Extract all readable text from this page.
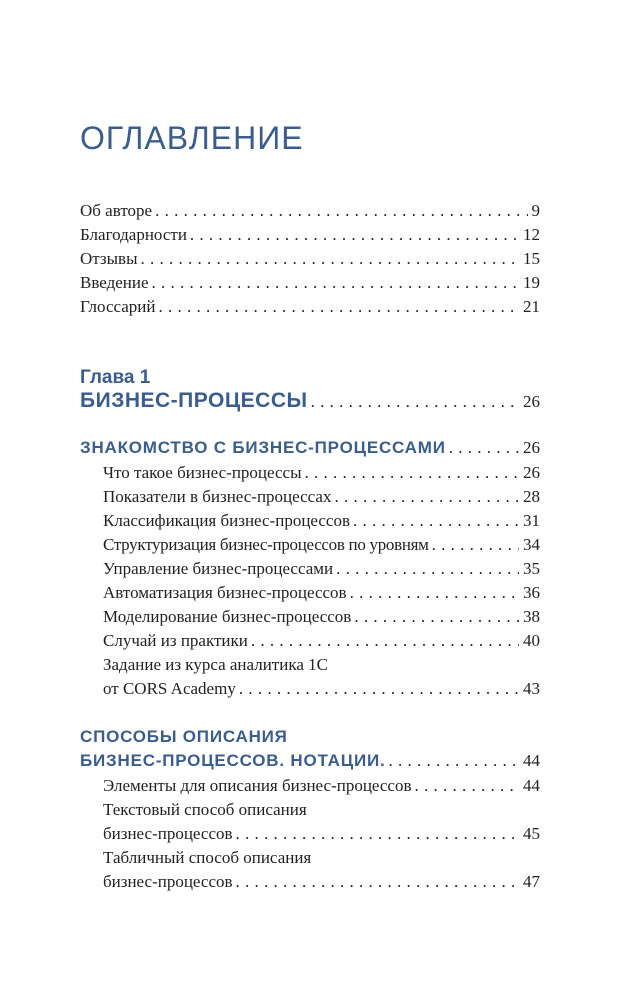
ОГЛАВЛЕНИЕ
Об авторе . . .	9
Благодарности . . .	12
Отзывы . . .	15
Введение . . .	19
Глоссарий . . .	21
Глава 1
БИЗНЕС-ПРОЦЕССЫ . . .	26
ЗНАКОМСТВО С БИЗНЕС-ПРОЦЕССАМИ . . .	26
Что такое бизнес-процессы . . .	26
Показатели в бизнес-процессах . . .	28
Классификация бизнес-процессов . . .	31
Структуризация бизнес-процессов по уровням . . .	34
Управление бизнес-процессами . . .	35
Автоматизация бизнес-процессов . . .	36
Моделирование бизнес-процессов . . .	38
Случай из практики . . .	40
Задание из курса аналитика 1С
от CORS Academy . . .	43
СПОСОБЫ ОПИСАНИЯ
БИЗНЕС-ПРОЦЕССОВ. НОТАЦИИ. . . .	44
Элементы для описания бизнес-процессов . . .	44
Текстовый способ описания
бизнес-процессов . . .	45
Табличный способ описания
бизнес-процессов . . .	47
